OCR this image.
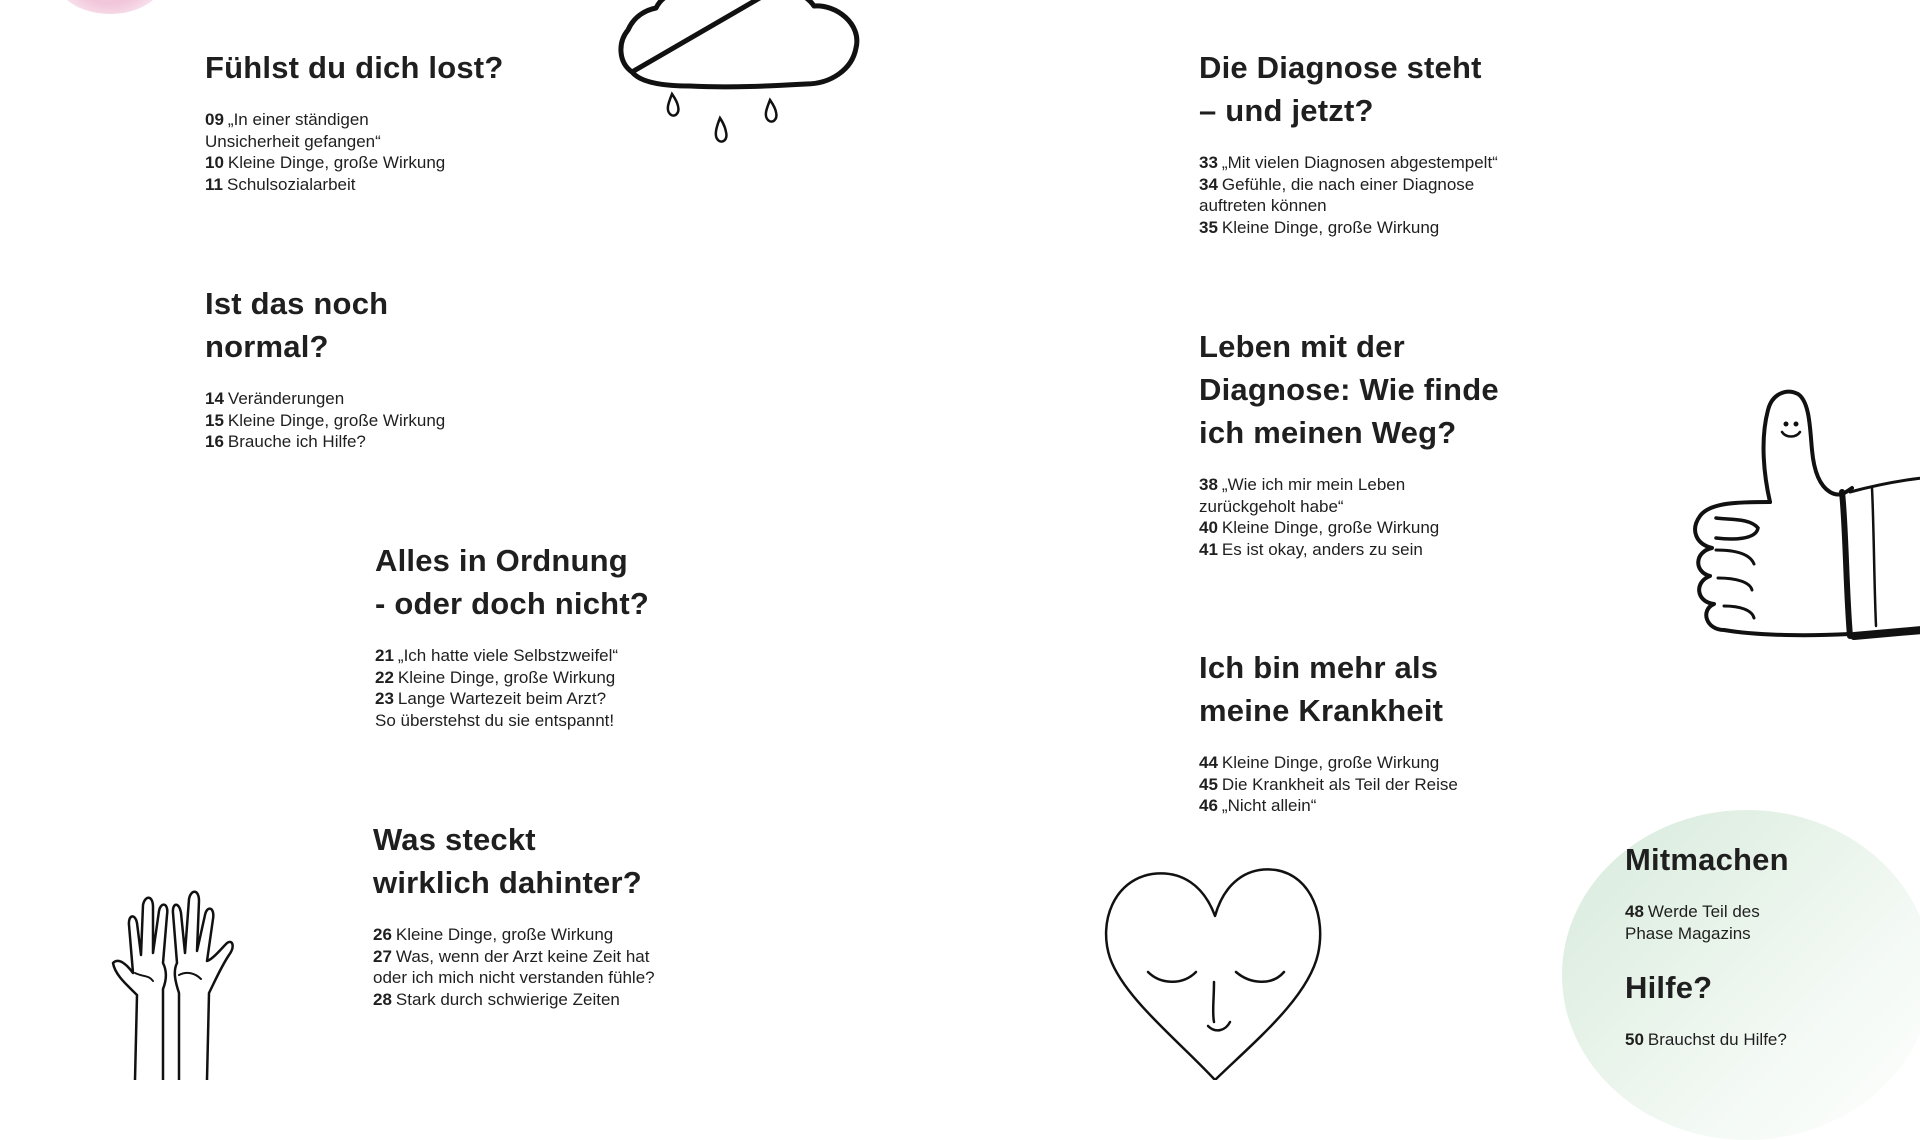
Fühlst du dich lost?
09 „In einer ständigen
Unsicherheit gefangen“
10 Kleine Dinge, große Wirkung
11 Schulsozialarbeit
Ist das noch
normal?
14 Veränderungen
15 Kleine Dinge, große Wirkung
16 Brauche ich Hilfe?
Alles in Ordnung
- oder doch nicht?
21 „Ich hatte viele Selbstzweifel“
22 Kleine Dinge, große Wirkung
23 Lange Wartezeit beim Arzt?
So überstehst du sie entspannt!
Was steckt
wirklich dahinter?
26 Kleine Dinge, große Wirkung
27 Was, wenn der Arzt keine Zeit hat
oder ich mich nicht verstanden fühle?
28 Stark durch schwierige Zeiten
Die Diagnose steht
– und jetzt?
33 „Mit vielen Diagnosen abgestempelt“
34 Gefühle, die nach einer Diagnose
auftreten können
35 Kleine Dinge, große Wirkung
Leben mit der
Diagnose: Wie finde
ich meinen Weg?
38 „Wie ich mir mein Leben
zurückgeholt habe“
40 Kleine Dinge, große Wirkung
41 Es ist okay, anders zu sein
Ich bin mehr als
meine Krankheit
44 Kleine Dinge, große Wirkung
45 Die Krankheit als Teil der Reise
46 „Nicht allein“
Mitmachen
48 Werde Teil des
Phase Magazins
Hilfe?
50 Brauchst du Hilfe?
